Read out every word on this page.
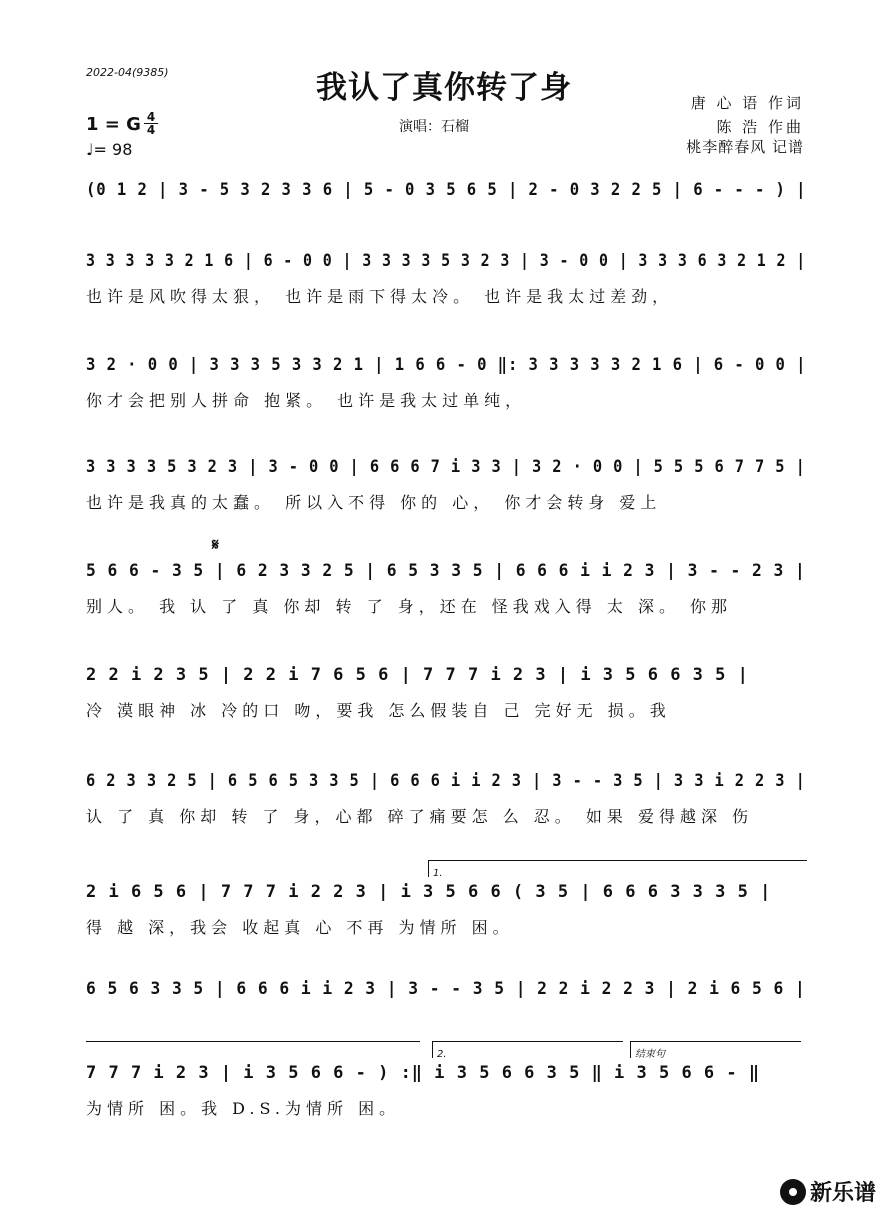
2022-04(9385)	我认了真你转了身
演唱：石榴
唐 心 语 作词
陈 浩 作曲
桃李醉春风 记谱
1 = G 4
4
♩= 98
(0 1 2 | 3 - 5 3 2 3 3 6 | 5 - 0 3 5 6 5 | 2 - 0 3 2 2 5 | 6 - - - ) |
3 3 3 3 3 2 1 6 | 6 - 0 0 | 3 3 3 3 5 3 2 3 | 3 - 0 0 | 3 3 3 6 3 2 1 2 |
也许是风吹得太狠， 也许是雨下得太冷。 也许是我太过差劲，
3 2 · 0 0 | 3 3 3 5 3 3 2 1 | 1 6 6 - 0 ‖: 3 3 3 3 3 2 1 6 | 6 - 0 0 |
你才会把别人拼命 抱紧。 也许是我太过单纯，
3 3 3 3 5 3 2 3 | 3 - 0 0 | 6 6 6 7 i 3 3 | 3 2 · 0 0 | 5 5 5 6 7 7 5 |
也许是我真的太蠢。 所以入不得 你的 心， 你才会转身 爱上
𝄋
5 6 6 - 3 5 | 6 2 3 3 2 5 | 6 5 3 3 5 | 6 6 6 i i 2 3 | 3 - - 2 3 |
别人。 我 认 了 真 你却 转 了 身，还在 怪我戏入得 太 深。 你那
2 2 i 2 3 5 | 2 2 i 7 6 5 6 | 7 7 7 i 2 3 | i 3 5 6 6 3 5 |
冷 漠眼神 冰 冷的口 吻，要我 怎么假装自 己 完好无 损。我
6 2 3 3 2 5 | 6 5 6 5 3 3 5 | 6 6 6 i i 2 3 | 3 - - 3 5 | 3 3 i 2 2 3 |
认 了 真 你却 转 了 身，心都 碎了痛要怎 么 忍。 如果 爱得越深 伤
1.
2 i 6 5 6 | 7 7 7 i 2 2 3 | i 3 5 6 6 ( 3 5 | 6 6 6 3 3 3 5 |
得 越 深，我会 收起真 心 不再 为情所 困。
6 5 6 3 3 5 | 6 6 6 i i 2 3 | 3 - - 3 5 | 2 2 i 2 2 3 | 2 i 6 5 6 |
2.	结束句
7 7 7 i 2 3 | i 3 5 6 6 - ) :‖ i 3 5 6 6 3 5 ‖ i 3 5 6 6 - ‖
为情所 困。我 D.S.为情所 困。
新乐谱
